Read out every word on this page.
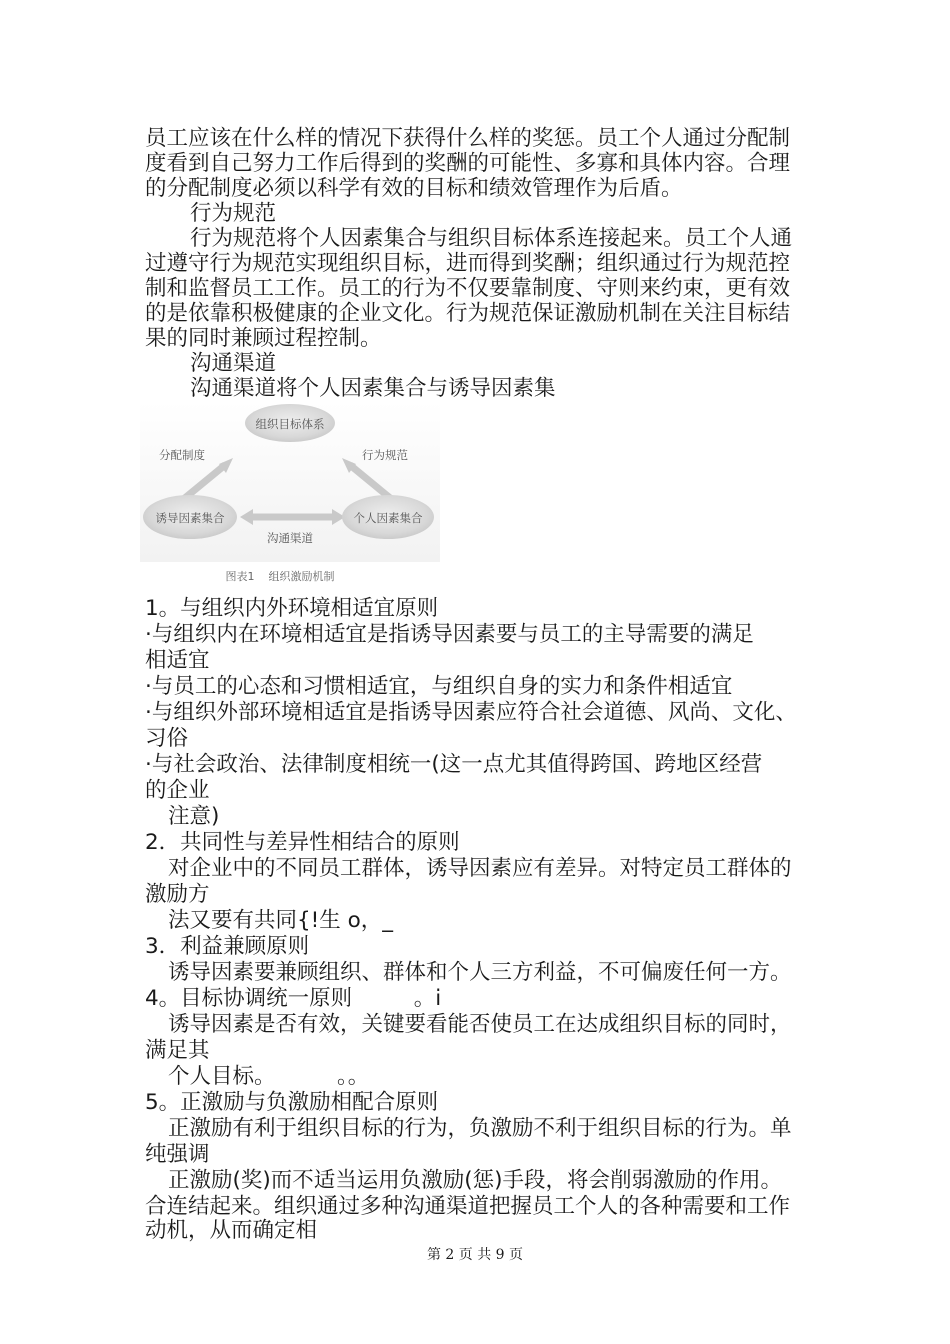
员工应该在什么样的情况下获得什么样的奖惩。员工个人通过分配制
度看到自己努力工作后得到的奖酬的可能性、多寡和具体内容。合理
的分配制度必须以科学有效的目标和绩效管理作为后盾。
行为规范
行为规范将个人因素集合与组织目标体系连接起来。员工个人通
过遵守行为规范实现组织目标，进而得到奖酬；组织通过行为规范控
制和监督员工工作。员工的行为不仅要靠制度、守则来约束，更有效
的是依靠积极健康的企业文化。行为规范保证激励机制在关注目标结
果的同时兼顾过程控制。
沟通渠道
沟通渠道将个人因素集合与诱导因素集
组织目标体系
诱导因素集合	个人因素集合
分配制度	行为规范
沟通渠道
图表1    组织激励机制
1。与组织内外环境相适宜原则
·与组织内在环境相适宜是指诱导因素要与员工的主导需要的满足
相适宜
·与员工的心态和习惯相适宜，与组织自身的实力和条件相适宜
·与组织外部环境相适宜是指诱导因素应符合社会道德、风尚、文化、
习俗
·与社会政治、法律制度相统一(这一点尤其值得跨国、跨地区经营
的企业
注意)
2．共同性与差异性相结合的原则
对企业中的不同员工群体，诱导因素应有差异。对特定员工群体的
激励方
法又要有共同{!生 o，_
3．利益兼顾原则
诱导因素要兼顾组织、群体和个人三方利益，不可偏废任何一方。
4。目标协调统一原则         。i
诱导因素是否有效，关键要看能否使员工在达成组织目标的同时，
满足其
个人目标。         。。
5。正激励与负激励相配合原则
正激励有利于组织目标的行为，负激励不利于组织目标的行为。单
纯强调
正激励(奖)而不适当运用负激励(惩)手段，将会削弱激励的作用。
合连结起来。组织通过多种沟通渠道把握员工个人的各种需要和工作
第 2 页 共 9 页
动机，从而确定相
